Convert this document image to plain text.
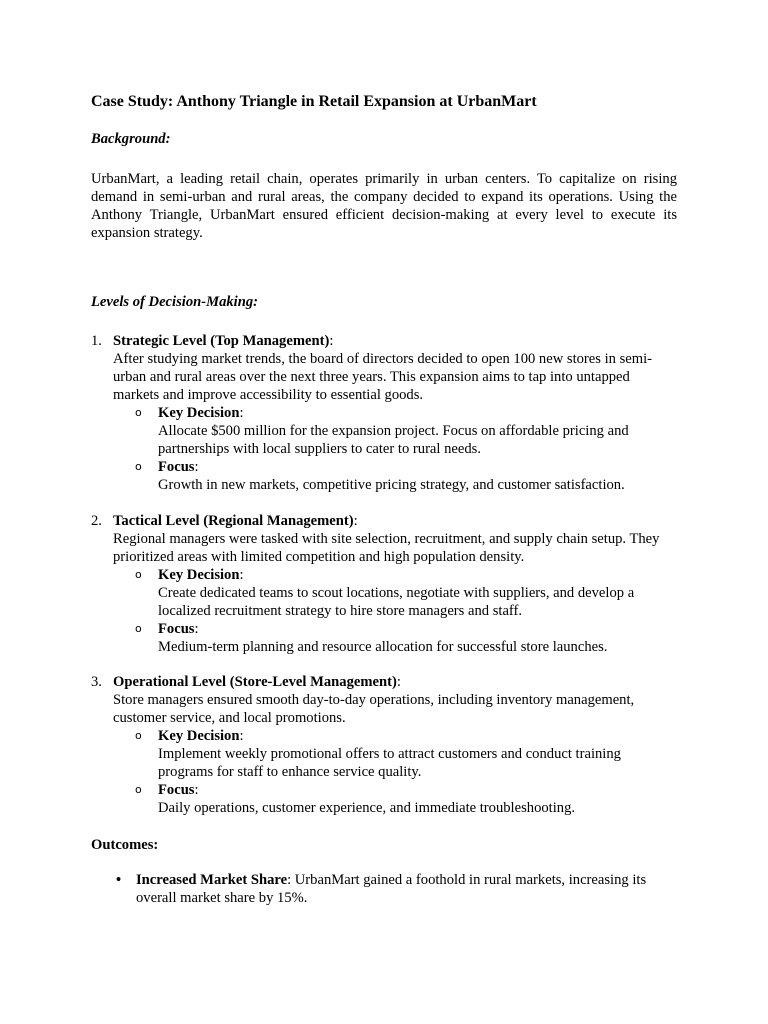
Case Study: Anthony Triangle in Retail Expansion at UrbanMart

Background:

UrbanMart, a leading retail chain, operates primarily in urban centers. To capitalize on rising demand in semi-urban and rural areas, the company decided to expand its operations. Using the Anthony Triangle, UrbanMart ensured efficient decision-making at every level to execute its expansion strategy.

Levels of Decision-Making:

1. Strategic Level (Top Management):
After studying market trends, the board of directors decided to open 100 new stores in semi-urban and rural areas over the next three years. This expansion aims to tap into untapped markets and improve accessibility to essential goods.
o Key Decision:
Allocate $500 million for the expansion project. Focus on affordable pricing and partnerships with local suppliers to cater to rural needs.
o Focus:
Growth in new markets, competitive pricing strategy, and customer satisfaction.
2. Tactical Level (Regional Management):
Regional managers were tasked with site selection, recruitment, and supply chain setup. They prioritized areas with limited competition and high population density.
o Key Decision:
Create dedicated teams to scout locations, negotiate with suppliers, and develop a localized recruitment strategy to hire store managers and staff.
o Focus:
Medium-term planning and resource allocation for successful store launches.
3. Operational Level (Store-Level Management):
Store managers ensured smooth day-to-day operations, including inventory management, customer service, and local promotions.
o Key Decision:
Implement weekly promotional offers to attract customers and conduct training programs for staff to enhance service quality.
o Focus:
Daily operations, customer experience, and immediate troubleshooting.

Outcomes:

• Increased Market Share: UrbanMart gained a foothold in rural markets, increasing its overall market share by 15%.
